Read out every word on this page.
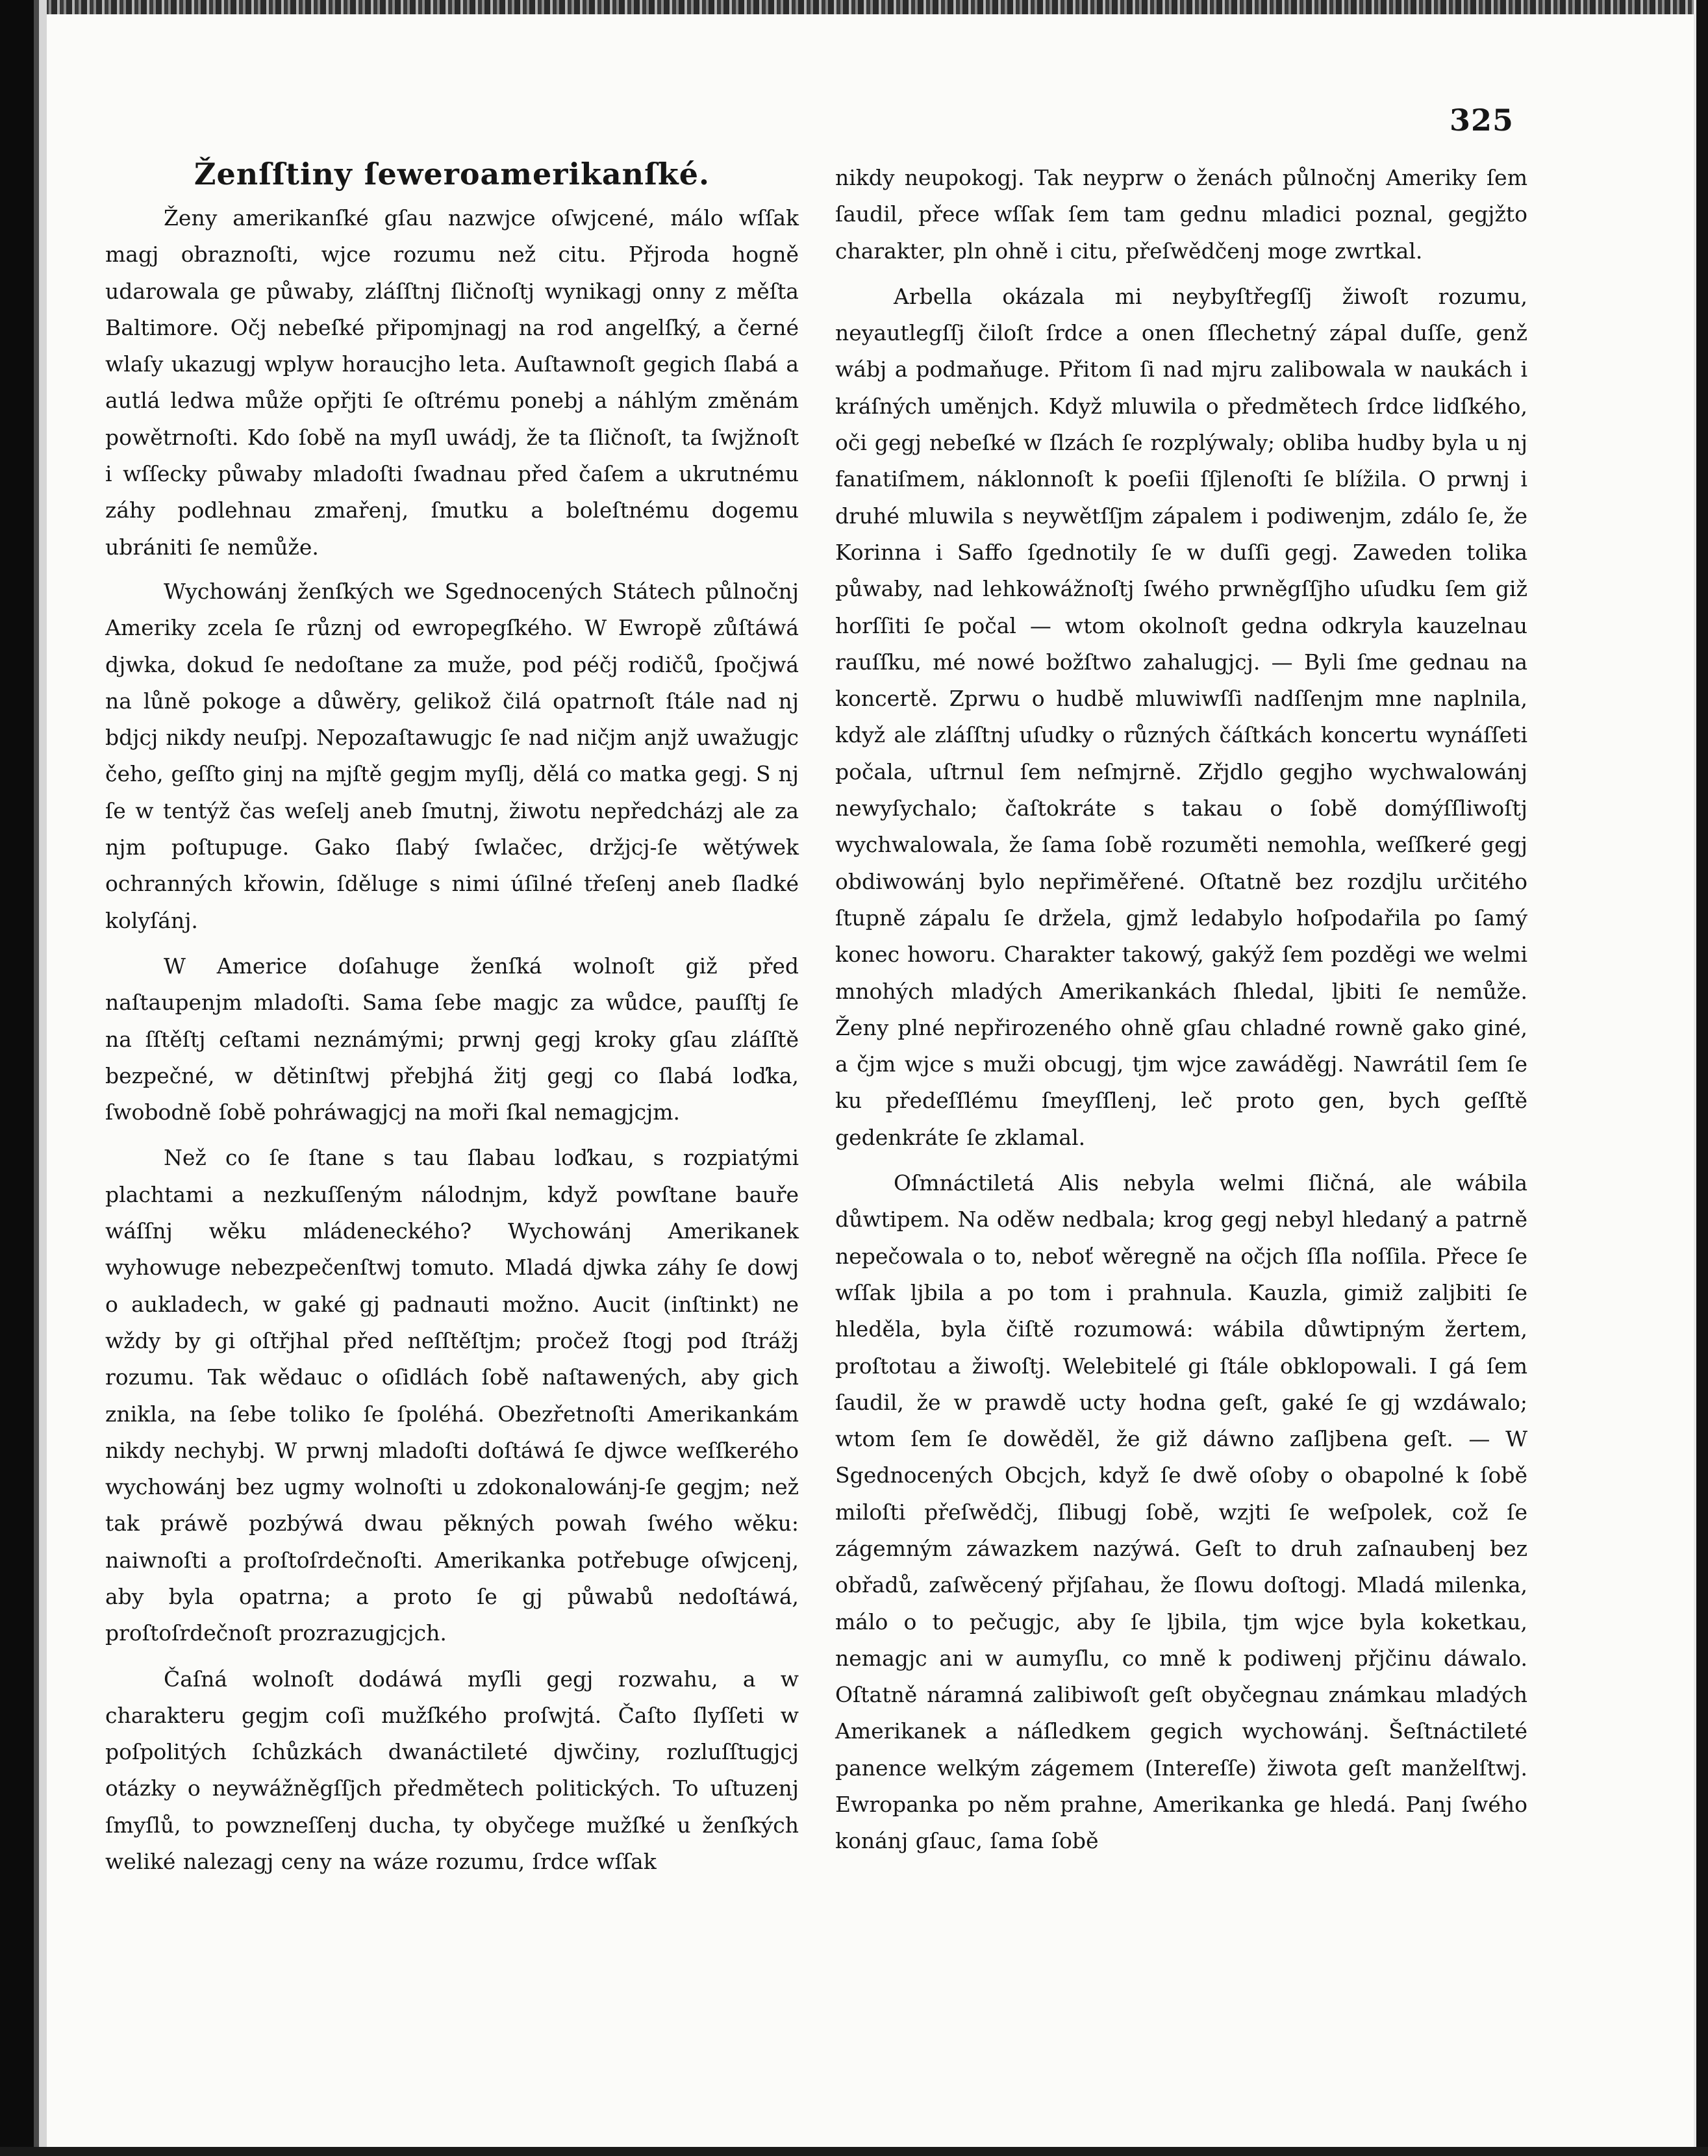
325
Ženſſtiny ſeweroamerikanſké.

Ženy amerikanſké gſau nazwjce oſwjcené, málo wſſak magj obraznoſti, wjce rozumu než citu. Přjroda hogně udarowala ge půwaby, zláſſtnj ſličnoſtj wynikagj onny z měſta Baltimore. Očj nebeſké připomjnagj na rod angelſký, a černé wlaſy ukazugj wplyw horaucjho leta. Auſtawnoſt gegich ſlabá a autlá ledwa může opřjti ſe oſtrému ponebj a náhlým změnám powětrnoſti. Kdo ſobě na myſl uwádj, že ta ſličnoſt, ta ſwjžnoſt i wſſecky půwaby mladoſti ſwadnau před čaſem a ukrutnému záhy podlehnau zmařenj, ſmutku a boleſtnému dogemu ubrániti ſe nemůže.

Wychowánj ženſkých we Sgednocených Státech půlnočnj Ameriky zcela ſe různj od ewropegſkého. W Ewropě zůſtáwá djwka, dokud ſe nedoſtane za muže, pod péčj rodičů, ſpočjwá na lůně pokoge a důwěry, gelikož čilá opatrnoſt ſtále nad nj bdjcj nikdy neuſpj. Nepozaſtawugjc ſe nad ničjm anjž uwažugjc čeho, geſſto ginj na mjſtě gegjm myſlj, dělá co matka gegj. S nj ſe w tentýž čas weſelj aneb ſmutnj, žiwotu nepředcházj ale za njm poſtupuge. Gako ſlabý ſwlačec, držjcj-ſe wětýwek ochranných křowin, ſděluge s nimi úſilné třeſenj aneb ſladké kolyſánj.

W Americe doſahuge ženſká wolnoſt giž před naſtaupenjm mladoſti. Sama ſebe magjc za wůdce, pauſſtj ſe na ſſtěſtj ceſtami neznámými; prwnj gegj kroky gſau zláſſtě bezpečné, w dětinſtwj přebjhá žitj gegj co ſlabá loďka, ſwobodně ſobě pohráwagjcj na moři ſkal nemagjcjm.

Než co ſe ſtane s tau ſlabau loďkau, s rozpiatými plachtami a nezkuſſeným nálodnjm, když powſtane bauře wáſſnj wěku mládeneckého? Wychowánj Amerikanek wyhowuge nebezpečenſtwj tomuto. Mladá djwka záhy ſe dowj o aukladech, w gaké gj padnauti možno. Aucit (inſtinkt) ne wždy by gi oſtřjhal před neſſtěſtjm; pročež ſtogj pod ſtrážj rozumu. Tak wědauc o oſidlách ſobě naſtawených, aby gich znikla, na ſebe toliko ſe ſpoléhá. Obezřetnoſti Amerikankám nikdy nechybj. W prwnj mladoſti doſtáwá ſe djwce weſſkerého wychowánj bez ugmy wolnoſti u zdokonalowánj-ſe gegjm; než tak práwě pozbýwá dwau pěkných powah ſwého wěku: naiwnoſti a proſtoſrdečnoſti. Amerikanka potřebuge oſwjcenj, aby byla opatrna; a proto ſe gj půwabů nedoſtáwá, proſtoſrdečnoſt prozrazugjcjch.

Čaſná wolnoſt dodáwá myſli gegj rozwahu, a w charakteru gegjm coſi mužſkého proſwjtá. Čaſto ſlyſſeti w poſpolitých ſchůzkách dwanáctileté djwčiny, rozluſſtugjcj otázky o neywážněgſſjch předmětech politických. To uſtuzenj ſmyſlů, to powzneſſenj ducha, ty obyčege mužſké u ženſkých weliké nalezagj ceny na wáze rozumu, ſrdce wſſak

nikdy neupokogj. Tak neyprw o ženách půlnočnj Ameriky ſem ſaudil, přece wſſak ſem tam gednu mladici poznal, gegjžto charakter, pln ohně i citu, přeſwědčenj moge zwrtkal.

Arbella okázala mi neybyſtřegſſj žiwoſt rozumu, neyautlegſſj čiloſt ſrdce a onen ſſlechetný zápal duſſe, genž wábj a podmaňuge. Přitom ſi nad mjru zalibowala w naukách i kráſných uměnjch. Když mluwila o předmětech ſrdce lidſkého, oči gegj nebeſké w ſlzách ſe rozplýwaly; obliba hudby byla u nj fanatiſmem, náklonnoſt k poeſii ſſjlenoſti ſe blížila. O prwnj i druhé mluwila s neywětſſjm zápalem i podiwenjm, zdálo ſe, že Korinna i Saffo ſgednotily ſe w duſſi gegj. Zaweden tolika půwaby, nad lehkowážnoſtj ſwého prwněgſſjho uſudku ſem giž horſſiti ſe počal — wtom okolnoſt gedna odkryla kauzelnau rauſſku, mé nowé božſtwo zahalugjcj. — Byli ſme gednau na koncertě. Zprwu o hudbě mluwiwſſi nadſſenjm mne naplnila, když ale zláſſtnj uſudky o různých čáſtkách koncertu wynáſſeti počala, uſtrnul ſem neſmjrně. Zřjdlo gegjho wychwalowánj newyſychalo; čaſtokráte s takau o ſobě domýſſliwoſtj wychwalowala, že ſama ſobě rozuměti nemohla, weſſkeré gegj obdiwowánj bylo nepřiměřené. Oſtatně bez rozdjlu určitého ſtupně zápalu ſe držela, gjmž ledabylo hoſpodařila po ſamý konec howoru. Charakter takowý, gakýž ſem pozděgi we welmi mnohých mladých Amerikankách ſhledal, ljbiti ſe nemůže. Ženy plné nepřirozeného ohně gſau chladné rowně gako giné, a čjm wjce s muži obcugj, tjm wjce zawáděgj. Nawrátil ſem ſe ku předeſſlému ſmeyſſlenj, leč proto gen, bych geſſtě gedenkráte ſe zklamal.

Oſmnáctiletá Alis nebyla welmi ſličná, ale wábila důwtipem. Na oděw nedbala; krog gegj nebyl hledaný a patrně nepečowala o to, neboť wěregně na očjch ſſla noſſila. Přece ſe wſſak ljbila a po tom i prahnula. Kauzla, gimiž zaljbiti ſe hleděla, byla čiſtě rozumowá: wábila důwtipným žertem, proſtotau a žiwoſtj. Welebitelé gi ſtále obklopowali. I gá ſem ſaudil, že w prawdě uctу hodna geſt, gaké ſe gj wzdáwalo; wtom ſem ſe dowěděl, že giž dáwno zaſljbena geſt. — W Sgednocených Obcjch, když ſe dwě oſoby o obapolné k ſobě miloſti přeſwědčj, ſlibugj ſobě, wzjti ſe weſpolek, což ſe zágemným záwazkem nazýwá. Geſt to druh zaſnaubenj bez obřadů, zaſwěcený přjſahau, že ſlowu doſtogj. Mladá milenka, málo o to pečugjc, aby ſe ljbila, tjm wjce byla koketkau, nemagjc ani w aumyſlu, co mně k podiwenj přjčinu dáwalo. Oſtatně náramná zalibiwoſt geſt obyčegnau známkau mladých Amerikanek a náſledkem gegich wychowánj. Šeſtnáctileté panence welkým zágemem (Intereſſe) žiwota geſt manželſtwj. Ewropanka po něm prahne, Amerikanka ge hledá. Panj ſwého konánj gſauc, ſama ſobě
